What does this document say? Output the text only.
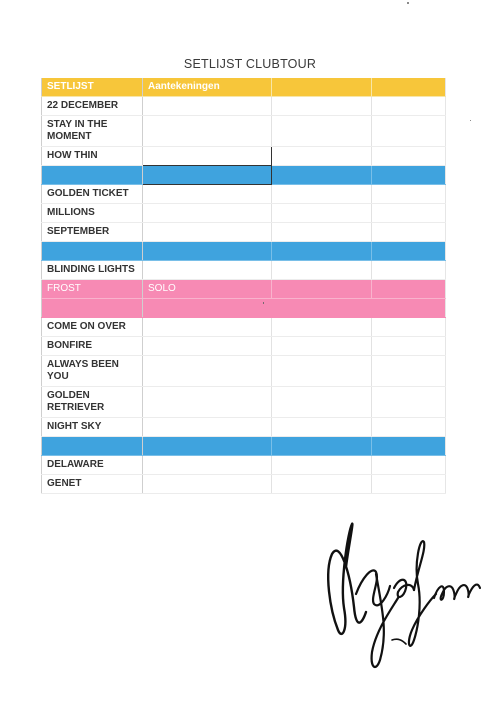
SETLIJST CLUBTOUR
SETLIJST	Aantekeningen		
22 DECEMBER			
STAY IN THE MOMENT			
HOW THIN			

GOLDEN TICKET			
MILLIONS			
SEPTEMBER			

BLINDING LIGHTS			
FROST	SOLO		

COME ON OVER			
BONFIRE			
ALWAYS BEEN YOU			
GOLDEN RETRIEVER			
NIGHT SKY			

DELAWARE			
GENET			
